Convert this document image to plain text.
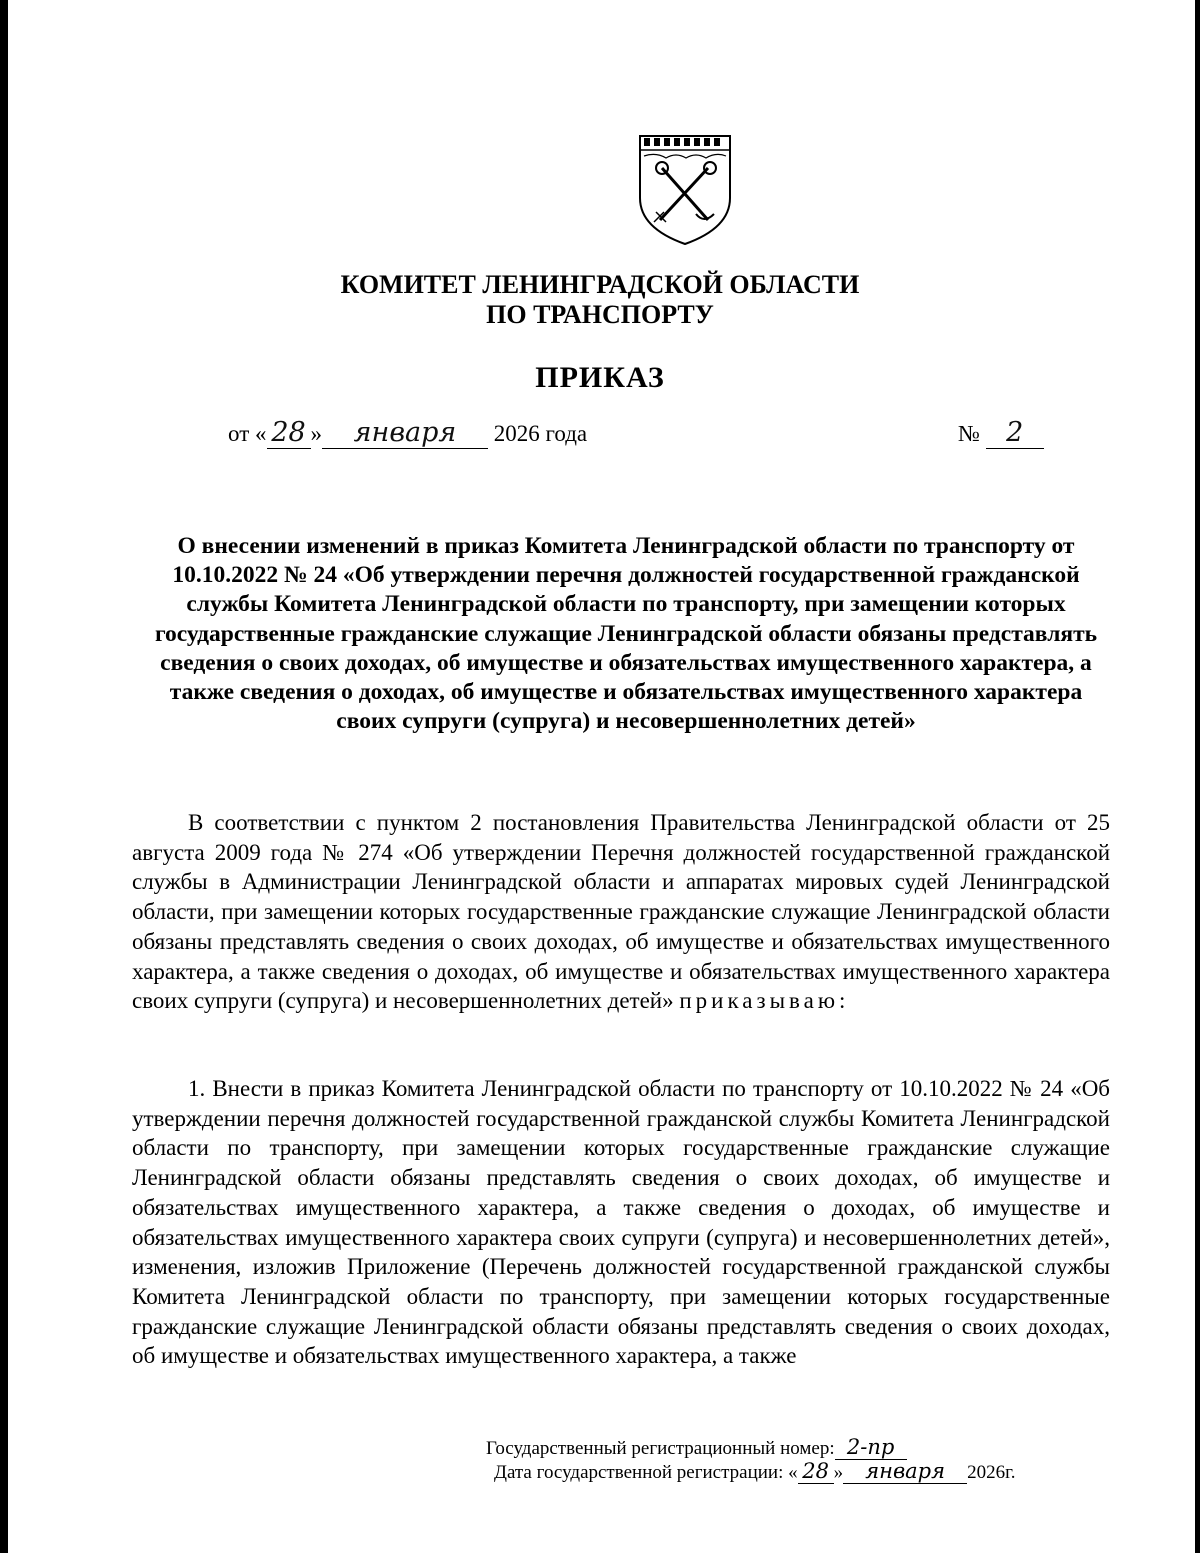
КОМИТЕТ ЛЕНИНГРАДСКОЙ ОБЛАСТИ
ПО ТРАНСПОРТУ
ПРИКАЗ
от « 28 » января 2026 года	№ 2
О внесении изменений в приказ Комитета Ленинградской области по транспорту от 10.10.2022 № 24 «Об утверждении перечня должностей государственной гражданской службы Комитета Ленинградской области по транспорту, при замещении которых государственные гражданские служащие Ленинградской области обязаны представлять сведения о своих доходах, об имуществе и обязательствах имущественного характера, а также сведения о доходах, об имуществе и обязательствах имущественного характера своих супруги (супруга) и несовершеннолетних детей»
В соответствии с пунктом 2 постановления Правительства Ленинградской области от 25 августа 2009 года № 274 «Об утверждении Перечня должностей государственной гражданской службы в Администрации Ленинградской области и аппаратах мировых судей Ленинградской области, при замещении которых государственные гражданские служащие Ленинградской области обязаны представлять сведения о своих доходах, об имуществе и обязательствах имущественного характера, а также сведения о доходах, об имуществе и обязательствах имущественного характера своих супруги (супруга) и несовершеннолетних детей» приказываю:
1. Внести в приказ Комитета Ленинградской области по транспорту от 10.10.2022 № 24 «Об утверждении перечня должностей государственной гражданской службы Комитета Ленинградской области по транспорту, при замещении которых государственные гражданские служащие Ленинградской области обязаны представлять сведения о своих доходах, об имуществе и обязательствах имущественного характера, а также сведения о доходах, об имуществе и обязательствах имущественного характера своих супруги (супруга) и несовершеннолетних детей», изменения, изложив Приложение (Перечень должностей государственной гражданской службы Комитета Ленинградской области по транспорту, при замещении которых государственные гражданские служащие Ленинградской области обязаны представлять сведения о своих доходах, об имуществе и обязательствах имущественного характера, а также
Государственный регистрационный номер: 2-пр
Дата государственной регистрации: « 28 » января 2026г.
